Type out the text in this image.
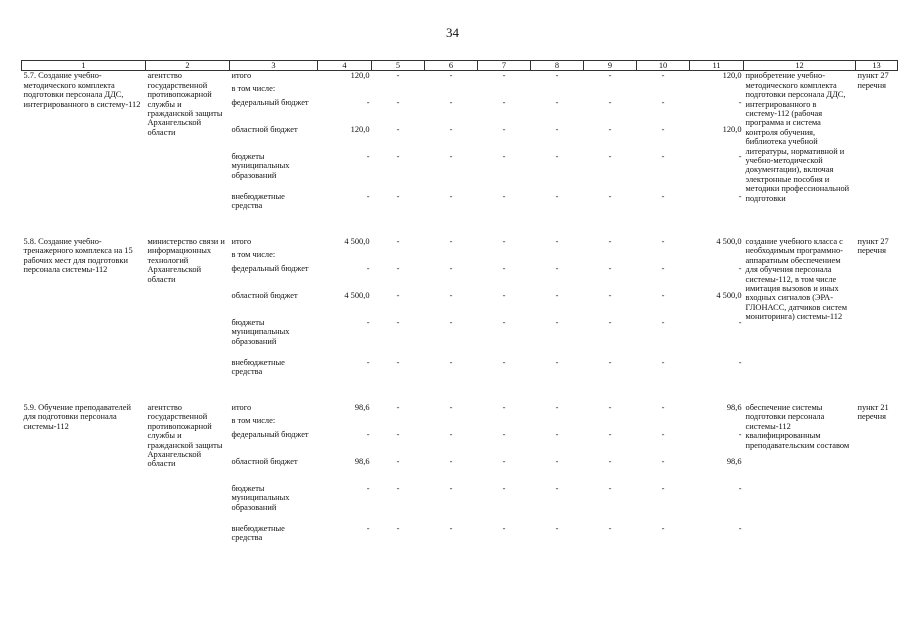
34
1	2	3	4	5	6	7	8	9	10	11	12	13
5.7. Создание учебно-методического комплекта подготовки персонала ДДС, интегрированного в систему-112	агентство государственной противопожарной службы и гражданской защиты Архангельской области	итого	120,0	-	-	-	-	-	-	120,0	приобретение учебно-методического комплекта подготовки персонала ДДС, интегрированного в систему-112 (рабочая программа и система контроля обучения, библиотека учебной литературы, нормативной и учебно-методической документации), включая электронные пособия и методики профессиональной подготовки	пункт 27 перечня
		в том числе:										
		федеральный бюджет	-	-	-	-	-	-	-	-		
		областной бюджет	120,0	-	-	-	-	-	-	120,0		
		бюджеты муниципальных образований	-	-	-	-	-	-	-	-		
		внебюджетные средства	-	-	-	-	-	-	-	-		

5.8. Создание учебно-тренажерного комплекса на 15 рабочих мест для подготовки персонала системы-112	министерство связи и информационных технологий Архангельской области	итого	4 500,0	-	-	-	-	-	-	4 500,0	создание учебного класса с необходимым программно-аппаратным обеспечением для обучения персонала системы-112, в том числе имитация вызовов и иных входных сигналов (ЭРА-ГЛОНАСС, датчиков систем мониторинга) системы-112	пункт 27 перечня
		в том числе:										
		федеральный бюджет	-	-	-	-	-	-	-	-		
		областной бюджет	4 500,0	-	-	-	-	-	-	4 500,0		
		бюджеты муниципальных образований	-	-	-	-	-	-	-	-		
		внебюджетные средства	-	-	-	-	-	-	-	-		

5.9. Обучение преподавателей для подготовки персонала системы-112	агентство государственной противопожарной службы и гражданской защиты Архангельской области	итого	98,6	-	-	-	-	-	-	98,6	обеспечение системы подготовки персонала системы-112 квалифицированным преподавательским составом	пункт 21 перечня
		в том числе:										
		федеральный бюджет	-	-	-	-	-	-	-	-		
		областной бюджет	98,6	-	-	-	-	-	-	98,6		
		бюджеты муниципальных образований	-	-	-	-	-	-	-	-		
		внебюджетные средства	-	-	-	-	-	-	-	-		
